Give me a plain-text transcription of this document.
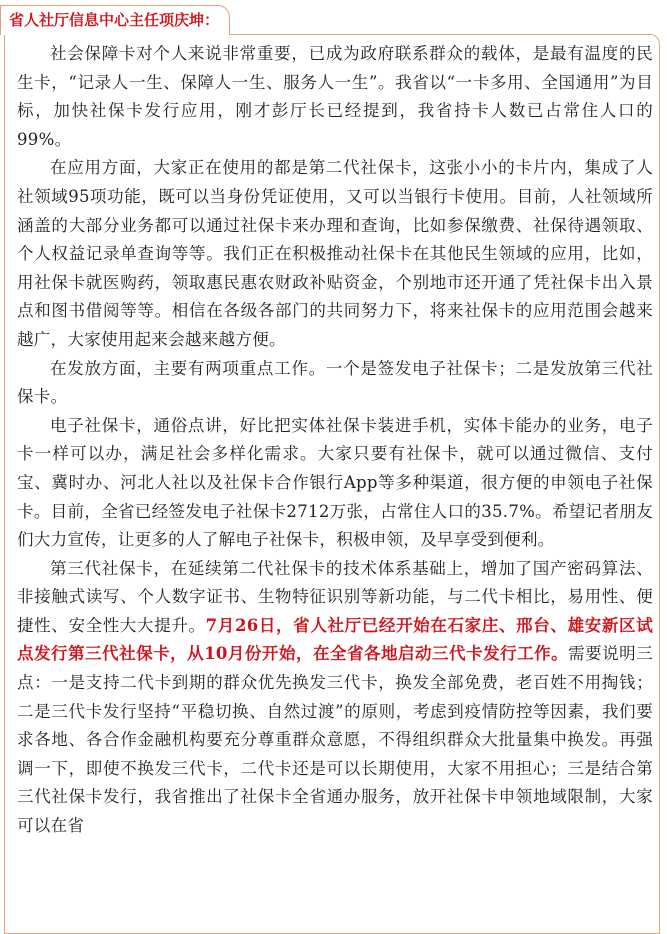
省人社厅信息中心主任项庆坤：

社会保障卡对个人来说非常重要，已成为政府联系群众的载体，是最有温度的民生卡，“记录人一生、保障人一生、服务人一生”。我省以“一卡多用、全国通用”为目标，加快社保卡发行应用，刚才彭厅长已经提到，我省持卡人数已占常住人口的99%。

在应用方面，大家正在使用的都是第二代社保卡，这张小小的卡片内，集成了人社领域95项功能，既可以当身份凭证使用，又可以当银行卡使用。目前，人社领域所涵盖的大部分业务都可以通过社保卡来办理和查询，比如参保缴费、社保待遇领取、个人权益记录单查询等等。我们正在积极推动社保卡在其他民生领域的应用，比如，用社保卡就医购药，领取惠民惠农财政补贴资金，个别地市还开通了凭社保卡出入景点和图书借阅等等。相信在各级各部门的共同努力下，将来社保卡的应用范围会越来越广，大家使用起来会越来越方便。

在发放方面，主要有两项重点工作。一个是签发电子社保卡；二是发放第三代社保卡。

电子社保卡，通俗点讲，好比把实体社保卡装进手机，实体卡能办的业务，电子卡一样可以办，满足社会多样化需求。大家只要有社保卡，就可以通过微信、支付宝、冀时办、河北人社以及社保卡合作银行App等多种渠道，很方便的申领电子社保卡。目前，全省已经签发电子社保卡2712万张，占常住人口的35.7%。希望记者朋友们大力宣传，让更多的人了解电子社保卡，积极申领，及早享受到便利。

第三代社保卡，在延续第二代社保卡的技术体系基础上，增加了国产密码算法、非接触式读写、个人数字证书、生物特征识别等新功能，与二代卡相比，易用性、便捷性、安全性大大提升。7月26日，省人社厅已经开始在石家庄、邢台、雄安新区试点发行第三代社保卡，从10月份开始，在全省各地启动三代卡发行工作。需要说明三点：一是支持二代卡到期的群众优先换发三代卡，换发全部免费，老百姓不用掏钱；二是三代卡发行坚持“平稳切换、自然过渡”的原则，考虑到疫情防控等因素，我们要求各地、各合作金融机构要充分尊重群众意愿，不得组织群众大批量集中换发。再强调一下，即使不换发三代卡，二代卡还是可以长期使用，大家不用担心；三是结合第三代社保卡发行，我省推出了社保卡全省通办服务，放开社保卡申领地域限制，大家可以在省
